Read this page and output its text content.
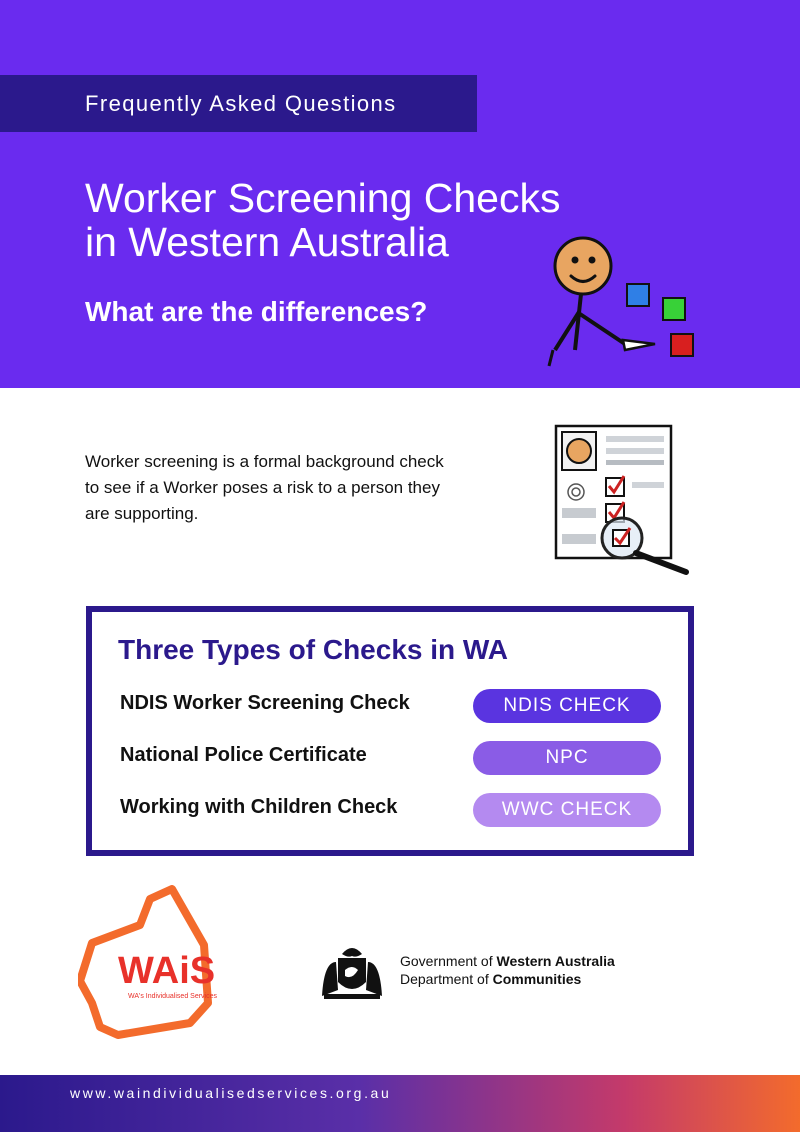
Frequently Asked Questions
Worker Screening Checks
in Western Australia
What are the differences?

Worker screening is a formal background check to see if a Worker poses a risk to a person they are supporting.

Three Types of Checks in WA
NDIS Worker Screening Check	NDIS CHECK
National Police Certificate	NPC
Working with Children Check	WWC CHECK
WAiS
WA's Individualised Services
Government of Western Australia
Department of Communities
www.waindividualisedservices.org.au
